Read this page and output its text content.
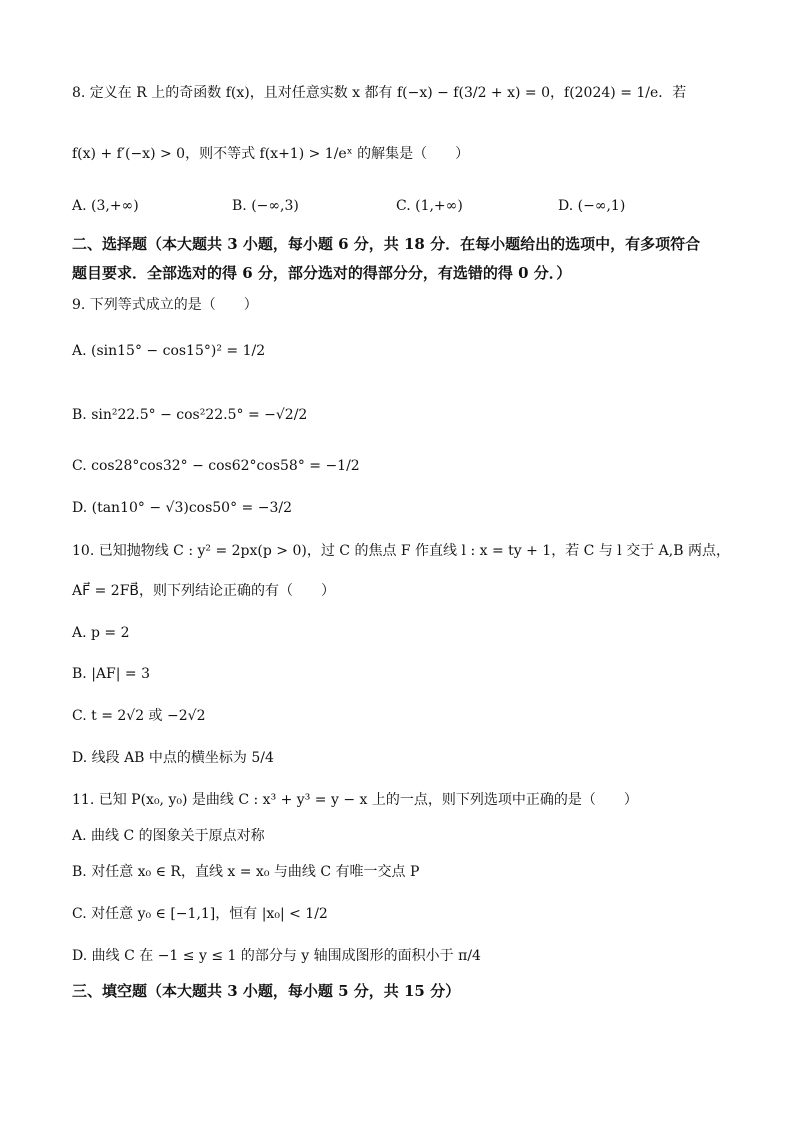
8. 定义在 R 上的奇函数 f(x)，且对任意实数 x 都有 f(−x) − f(3/2 + x) = 0，f(2024) = 1/e．若
f(x) + f′(−x) > 0，则不等式 f(x+1) > 1/eˣ 的解集是（　　）
A. (3,+∞)	B. (−∞,3)	C. (1,+∞)	D. (−∞,1)
二、选择题（本大题共 3 小题，每小题 6 分，共 18 分．在每小题给出的选项中，有多项符合
题目要求．全部选对的得 6 分，部分选对的得部分分，有选错的得 0 分．）
9. 下列等式成立的是（　　）
A. (sin15° − cos15°)² = 1/2
B. sin²22.5° − cos²22.5° = −√2/2
C. cos28°cos32° − cos62°cos58° = −1/2
D. (tan10° − √3)cos50° = −3/2
10. 已知抛物线 C : y² = 2px(p > 0)，过 C 的焦点 F 作直线 l : x = ty + 1，若 C 与 l 交于 A,B 两点，
AF⃗ = 2FB⃗，则下列结论正确的有（　　）
A. p = 2
B. |AF| = 3
C. t = 2√2 或 −2√2
D. 线段 AB 中点的横坐标为 5/4
11. 已知 P(x₀, y₀) 是曲线 C : x³ + y³ = y − x 上的一点，则下列选项中正确的是（　　）
A. 曲线 C 的图象关于原点对称
B. 对任意 x₀ ∈ R，直线 x = x₀ 与曲线 C 有唯一交点 P
C. 对任意 y₀ ∈ [−1,1]，恒有 |x₀| < 1/2
D. 曲线 C 在 −1 ≤ y ≤ 1 的部分与 y 轴围成图形的面积小于 π/4
三、填空题（本大题共 3 小题，每小题 5 分，共 15 分）
